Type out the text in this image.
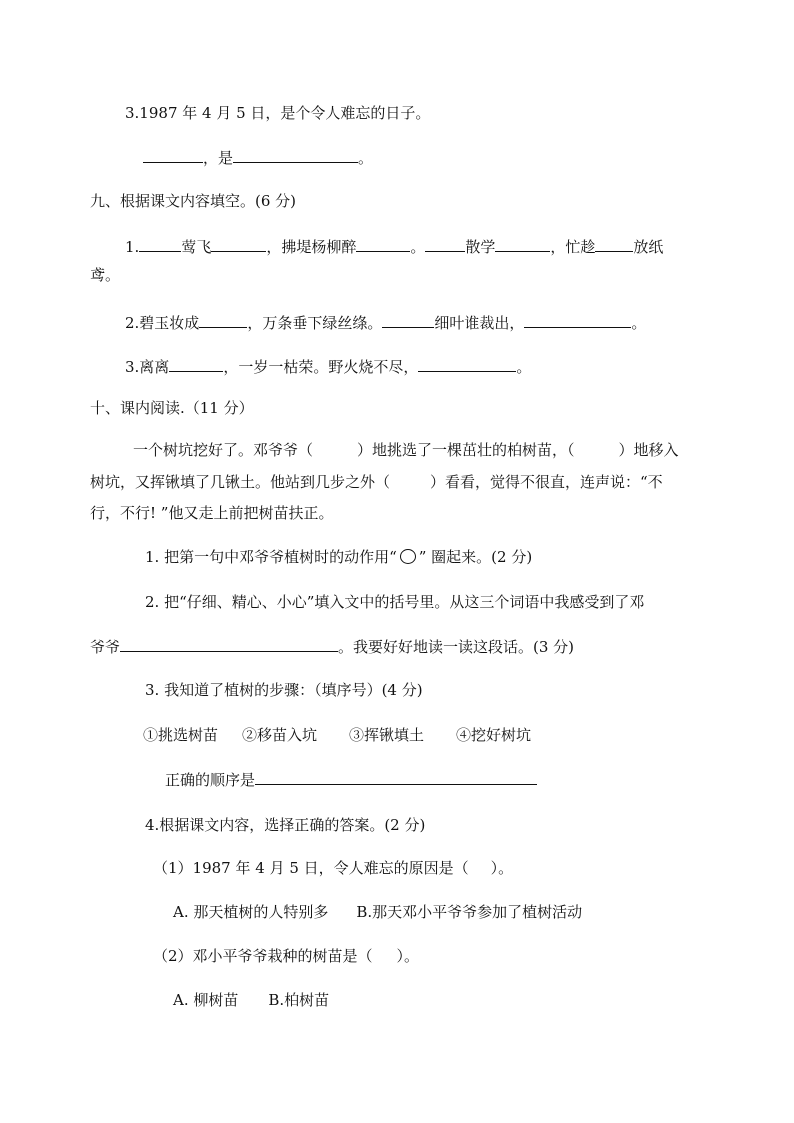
3.1987 年 4 月 5 日，是个令人难忘的日子。
，是	。
九、根据课文内容填空。(6 分)
1.	莺飞	，拂堤杨柳醉	。	散学	，忙趁	放纸
鸢。
2.碧玉妆成	，万条垂下绿丝绦。	细叶谁裁出，	。
3.离离	，一岁一枯荣。野火烧不尽，	。
十、课内阅读.（11 分）
一个树坑挖好了。邓爷爷（	）地挑选了一棵茁壮的柏树苗，（	）地移入
树坑，又挥锹填了几锹土。他站到几步之外（	）看看，觉得不很直，连声说：“不
行，不行! ”他又走上前把树苗扶正。
1. 把第一句中邓爷爷植树时的动作用“ ” 圈起来。(2 分)
2. 把“仔细、精心、小心”填入文中的括号里。从这三个词语中我感受到了邓
爷爷	。我要好好地读一读这段话。(3 分)
3. 我知道了植树的步骤：（填序号）(4 分)
①挑选树苗 ②移苗入坑 ③挥锹填土 ④挖好树坑
正确的顺序是
4.根据课文内容，选择正确的答案。(2 分)
（1）1987 年 4 月 5 日，令人难忘的原因是（ ）。
A. 那天植树的人特别多 B.那天邓小平爷爷参加了植树活动
（2）邓小平爷爷栽种的树苗是（ ）。
A. 柳树苗 B.柏树苗
